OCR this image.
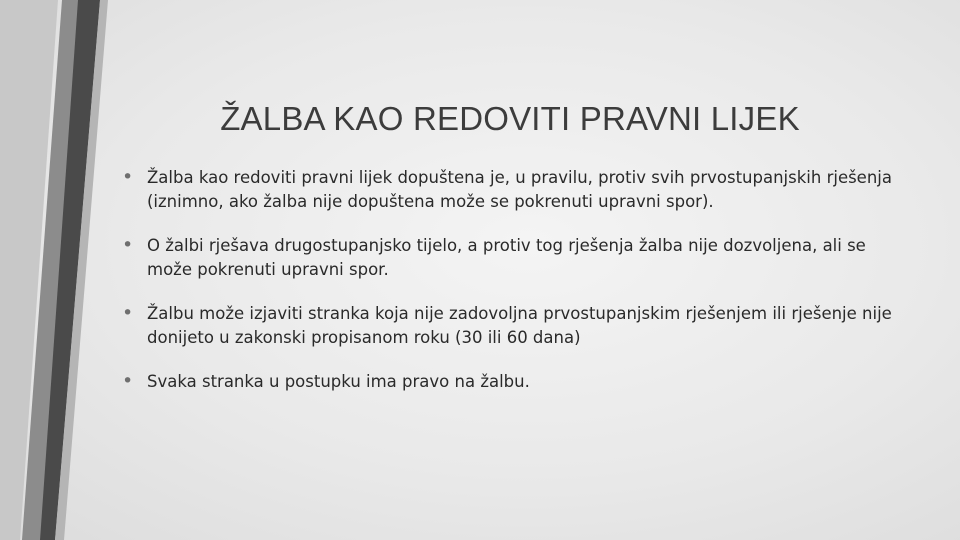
ŽALBA KAO REDOVITI PRAVNI LIJEK
• Žalba kao redoviti pravni lijek dopuštena je, u pravilu, protiv svih prvostupanjskih rješenja (iznimno, ako žalba nije dopuštena može se pokrenuti upravni spor).
• O žalbi rješava drugostupanjsko tijelo, a protiv tog rješenja žalba nije dozvoljena, ali se može pokrenuti upravni spor.
• Žalbu može izjaviti stranka koja nije zadovoljna prvostupanjskim rješenjem ili rješenje nije donijeto u zakonski propisanom roku (30 ili 60 dana)
• Svaka stranka u postupku ima pravo na žalbu.
